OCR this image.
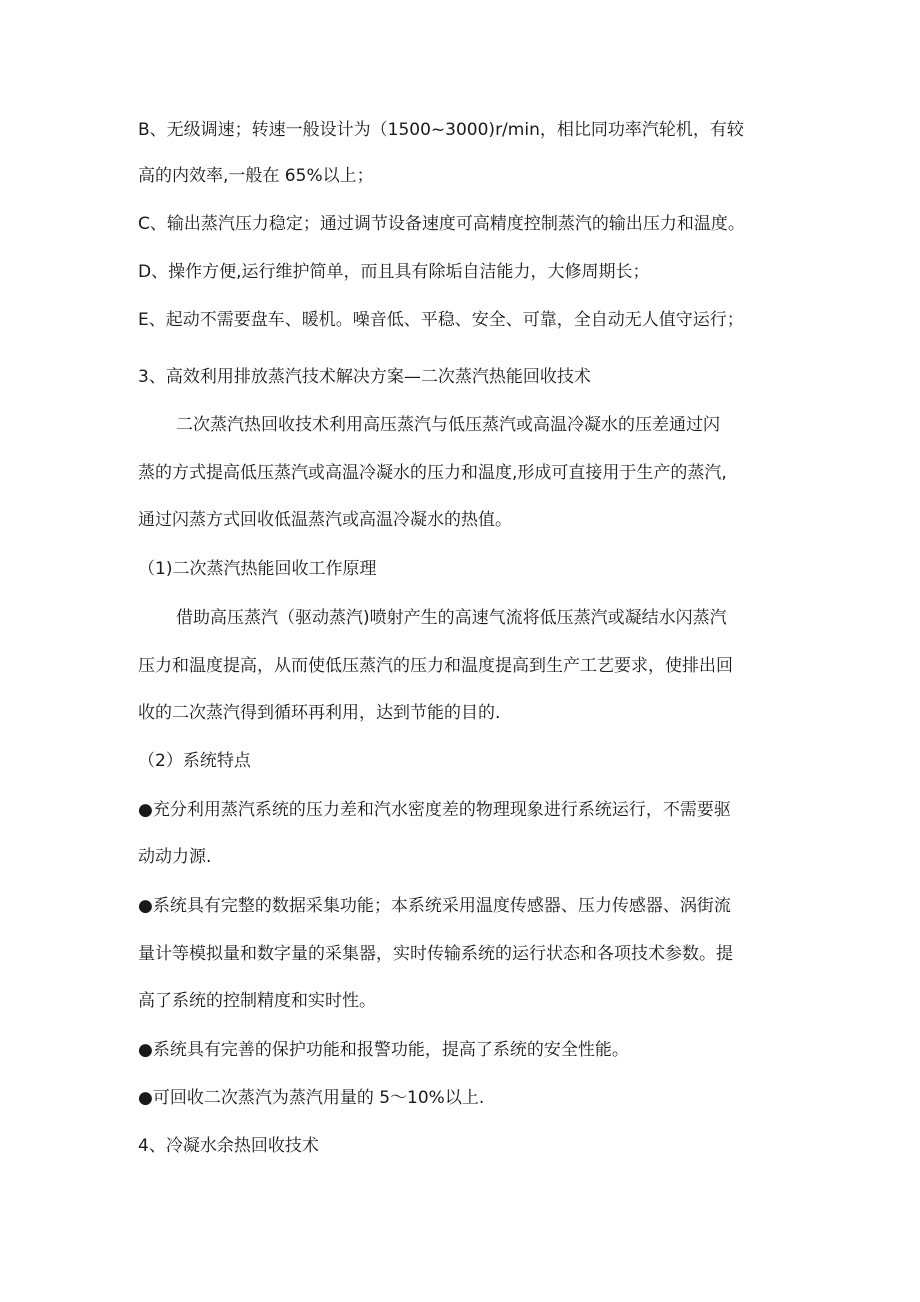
B、无级调速；转速一般设计为（1500~3000)r/min，相比同功率汽轮机，有较
高的内效率,一般在 65%以上；
C、输出蒸汽压力稳定；通过调节设备速度可高精度控制蒸汽的输出压力和温度。
D、操作方便,运行维护简单，而且具有除垢自洁能力，大修周期长；
E、起动不需要盘车、暖机。噪音低、平稳、安全、可靠，全自动无人值守运行；
3、高效利用排放蒸汽技术解决方案—二次蒸汽热能回收技术
二次蒸汽热回收技术利用高压蒸汽与低压蒸汽或高温冷凝水的压差通过闪
蒸的方式提高低压蒸汽或高温冷凝水的压力和温度,形成可直接用于生产的蒸汽,
通过闪蒸方式回收低温蒸汽或高温冷凝水的热值。
（1)二次蒸汽热能回收工作原理
借助高压蒸汽（驱动蒸汽)喷射产生的高速气流将低压蒸汽或凝结水闪蒸汽
压力和温度提高，从而使低压蒸汽的压力和温度提高到生产工艺要求，使排出回
收的二次蒸汽得到循环再利用，达到节能的目的.
（2）系统特点
●充分利用蒸汽系统的压力差和汽水密度差的物理现象进行系统运行，不需要驱
动动力源.
●系统具有完整的数据采集功能；本系统采用温度传感器、压力传感器、涡街流
量计等模拟量和数字量的采集器，实时传输系统的运行状态和各项技术参数。提
高了系统的控制精度和实时性。
●系统具有完善的保护功能和报警功能，提高了系统的安全性能。
●可回收二次蒸汽为蒸汽用量的 5～10%以上.
4、冷凝水余热回收技术
